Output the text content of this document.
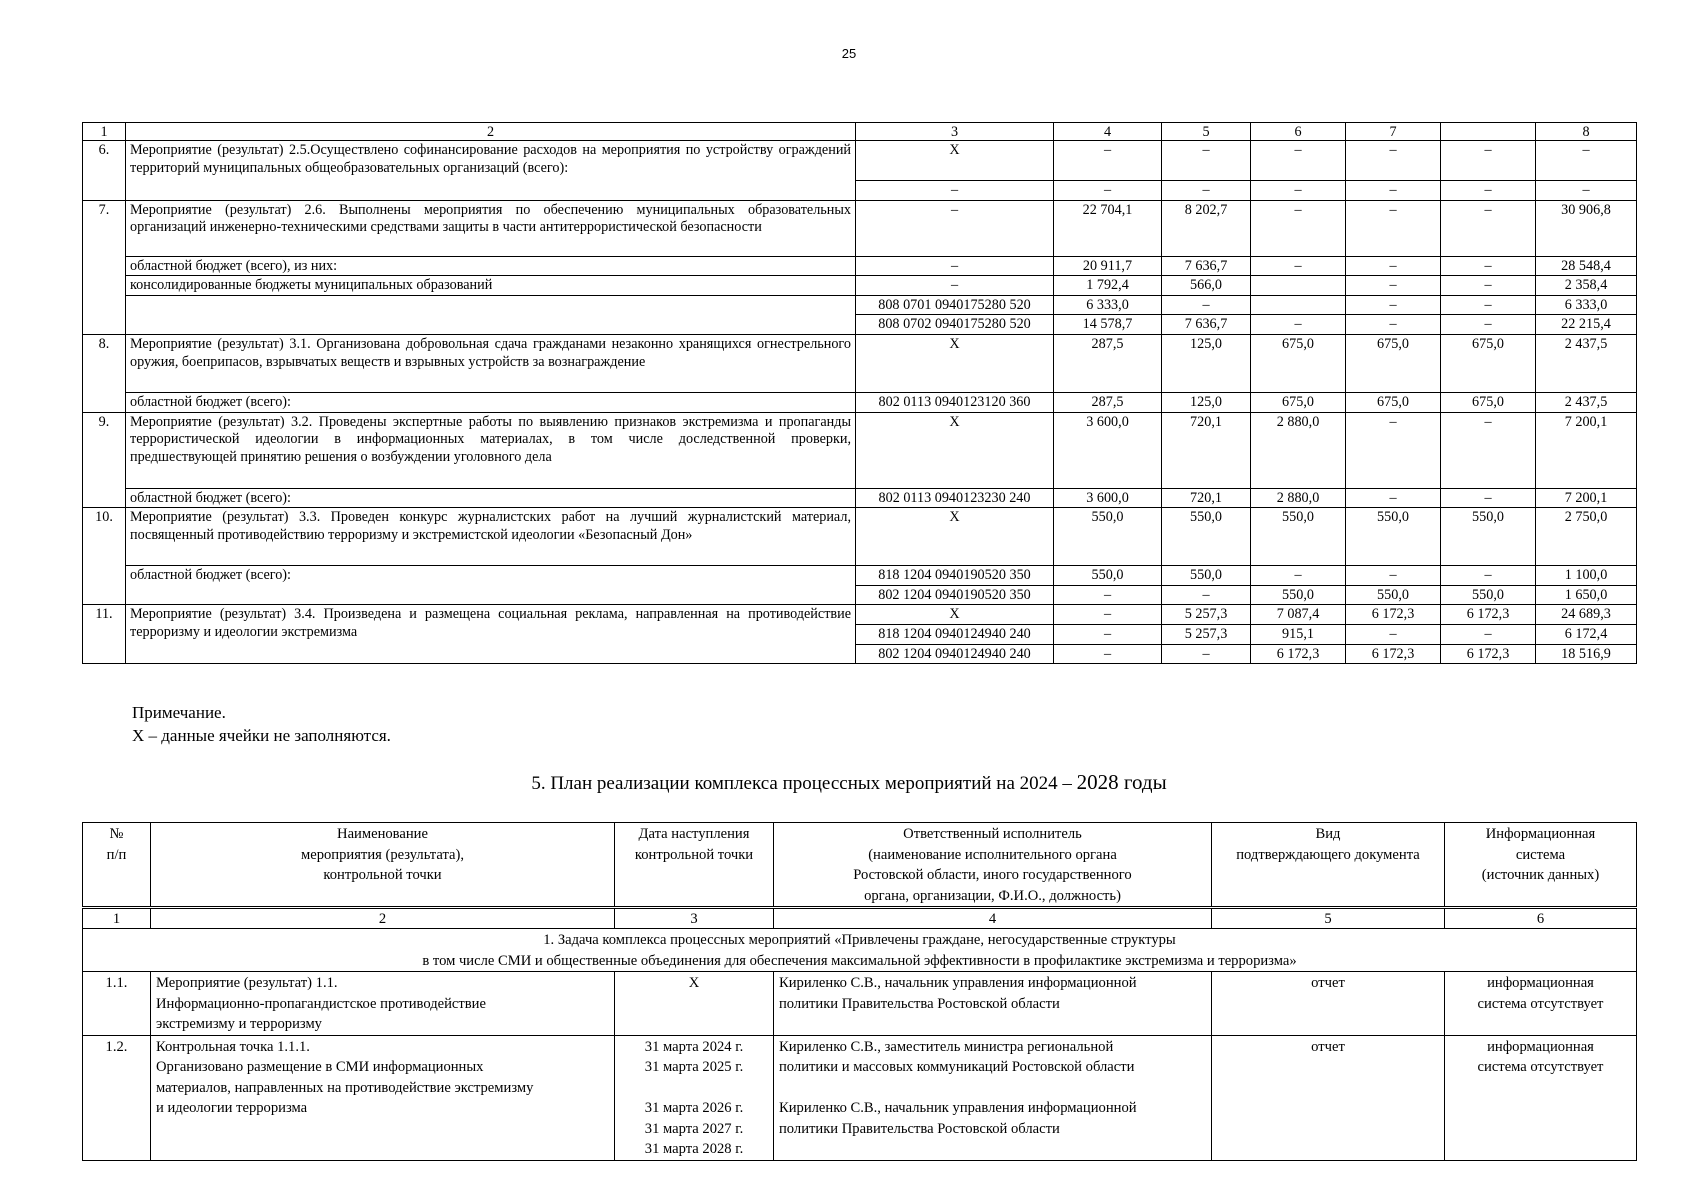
25
1	2	3	4	5	6	7		8
6.	Мероприятие (результат) 2.5.Осуществлено софинансирование расходов на мероприятия по устройству ограждений территорий муниципальных общеобразовательных организаций (всего):	Х	–	–	–	–	–	–
		–	–	–	–	–	–	–
7.	Мероприятие (результат) 2.6. Выполнены мероприятия по обеспечению муниципальных образовательных организаций инженерно-техническими средствами защиты в части антитеррористической безопасности	–	22 704,1	8 202,7	–	–	–	30 906,8
	областной бюджет (всего), из них:	–	20 911,7	7 636,7	–	–	–	28 548,4
	консолидированные бюджеты муниципальных образований	–	1 792,4	566,0		–	–	2 358,4
		808 0701 0940175280 520	6 333,0	–		–	–	6 333,0
		808 0702 0940175280 520	14 578,7	7 636,7	–	–	–	22 215,4
8.	Мероприятие (результат) 3.1. Организована добровольная сдача гражданами незаконно хранящихся огнестрельного оружия, боеприпасов, взрывчатых веществ и взрывных устройств за вознаграждение	Х	287,5	125,0	675,0	675,0	675,0	2 437,5
	областной бюджет (всего):	802 0113 0940123120 360	287,5	125,0	675,0	675,0	675,0	2 437,5
9.	Мероприятие (результат) 3.2. Проведены экспертные работы по выявлению признаков экстремизма и пропаганды террористической идеологии в информационных материалах, в том числе доследственной проверки, предшествующей принятию решения о возбуждении уголовного дела	Х	3 600,0	720,1	2 880,0	–	–	7 200,1
	областной бюджет (всего):	802 0113 0940123230 240	3 600,0	720,1	2 880,0	–	–	7 200,1
10.	Мероприятие (результат) 3.3. Проведен конкурс журналистских работ на лучший журналистский материал, посвященный противодействию терроризму и экстремистской идеологии «Безопасный Дон»	Х	550,0	550,0	550,0	550,0	550,0	2 750,0
	областной бюджет (всего):	818 1204 0940190520 350	550,0	550,0	–	–	–	1 100,0
		802 1204 0940190520 350	–	–	550,0	550,0	550,0	1 650,0
11.	Мероприятие (результат) 3.4. Произведена и размещена социальная реклама, направленная на противодействие терроризму и идеологии экстремизма	Х	–	5 257,3	7 087,4	6 172,3	6 172,3	24 689,3
		818 1204 0940124940 240	–	5 257,3	915,1	–	–	6 172,4
		802 1204 0940124940 240	–	–	6 172,3	6 172,3	6 172,3	18 516,9
Примечание.
Х – данные ячейки не заполняются.
5. План реализации комплекса процессных мероприятий на 2024 – 2028 годы
№
п/п	Наименование
мероприятия (результата),
контрольной точки	Дата наступления
контрольной точки	Ответственный исполнитель
(наименование исполнительного органа
Ростовской области, иного государственного
органа, организации, Ф.И.О., должность)	Вид
подтверждающего документа	Информационная
система
(источник данных)
1	2	3	4	5	6
1. Задача комплекса процессных мероприятий «Привлечены граждане, негосударственные структуры
в том числе СМИ и общественные объединения для обеспечения максимальной эффективности в профилактике экстремизма и терроризма»					
1.1.	Мероприятие (результат) 1.1.
Информационно-пропагандистское противодействие
экстремизму и терроризму	Х	Кириленко С.В., начальник управления информационной
политики Правительства Ростовской области	отчет	информационная
система отсутствует
1.2.	Контрольная точка 1.1.1.
Организовано размещение в СМИ информационных
материалов, направленных на противодействие экстремизму
и идеологии терроризма	31 марта 2024 г.
31 марта 2025 г.

31 марта 2026 г.
31 марта 2027 г.
31 марта 2028 г.	Кириленко С.В., заместитель министра региональной
политики и массовых коммуникаций Ростовской области

Кириленко С.В., начальник управления информационной
политики Правительства Ростовской области	отчет	информационная
система отсутствует
